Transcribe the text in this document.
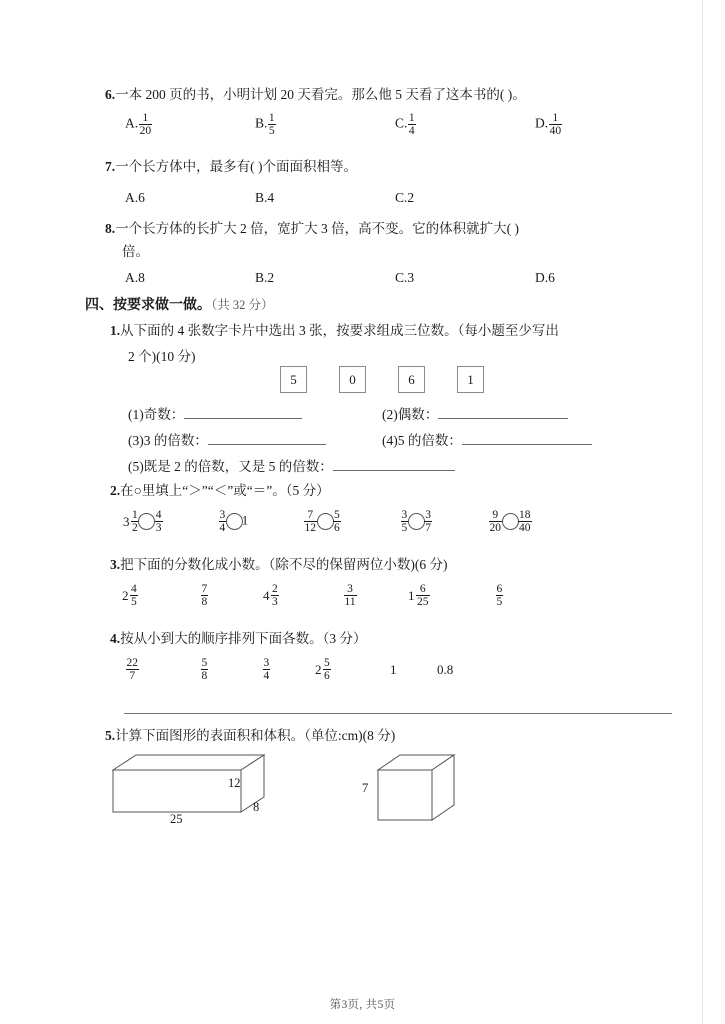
6.一本 200 页的书，小明计划 20 天看完。那么他 5 天看了这本书的( )。
A. $\frac{1}{20}$	B. $\frac{1}{5}$	C. $\frac{1}{4}$	D. $\frac{1}{40}$
7.一个长方体中，最多有( )个面面积相等。
A.6	B.4	C.2
8.一个长方体的长扩大 2 倍，宽扩大 3 倍，高不变。它的体积就扩大( )
倍。
A.8	B.2	C.3	D.6
四、按要求做一做。（共 32 分）
1.从下面的 4 张数字卡片中选出 3 张，按要求组成三位数。（每小题至少写出
2 个)(10 分)
5	0	6	1
(1)奇数：	(2)偶数：
(3)3 的倍数：	(4)5 的倍数：
(5)既是 2 的倍数，又是 5 的倍数：
2.在○里填上“＞”“＜”或“＝”。（5 分）
$3 \frac{1}{2} \frac{4}{3}$	$\frac{3}{4} 1$	$\frac{7}{12} \frac{5}{6}$	$\frac{3}{5} \frac{3}{7}$	$\frac{9}{20} \frac{18}{40}$
3.把下面的分数化成小数。（除不尽的保留两位小数)(6 分)
$2 \frac{4}{5}$	$\frac{7}{8}$	$4 \frac{2}{3}$	$\frac{3}{11}$	$1 \frac{6}{25}$	$\frac{6}{5}$
4.按从小到大的顺序排列下面各数。（3 分）
$\frac{22}{7}$	$\frac{5}{8}$	$\frac{3}{4}$	$2 \frac{5}{6}$	1	0.8
5.计算下面图形的表面积和体积。（单位:cm)(8 分)
12
8
25
7
第3页, 共5页
